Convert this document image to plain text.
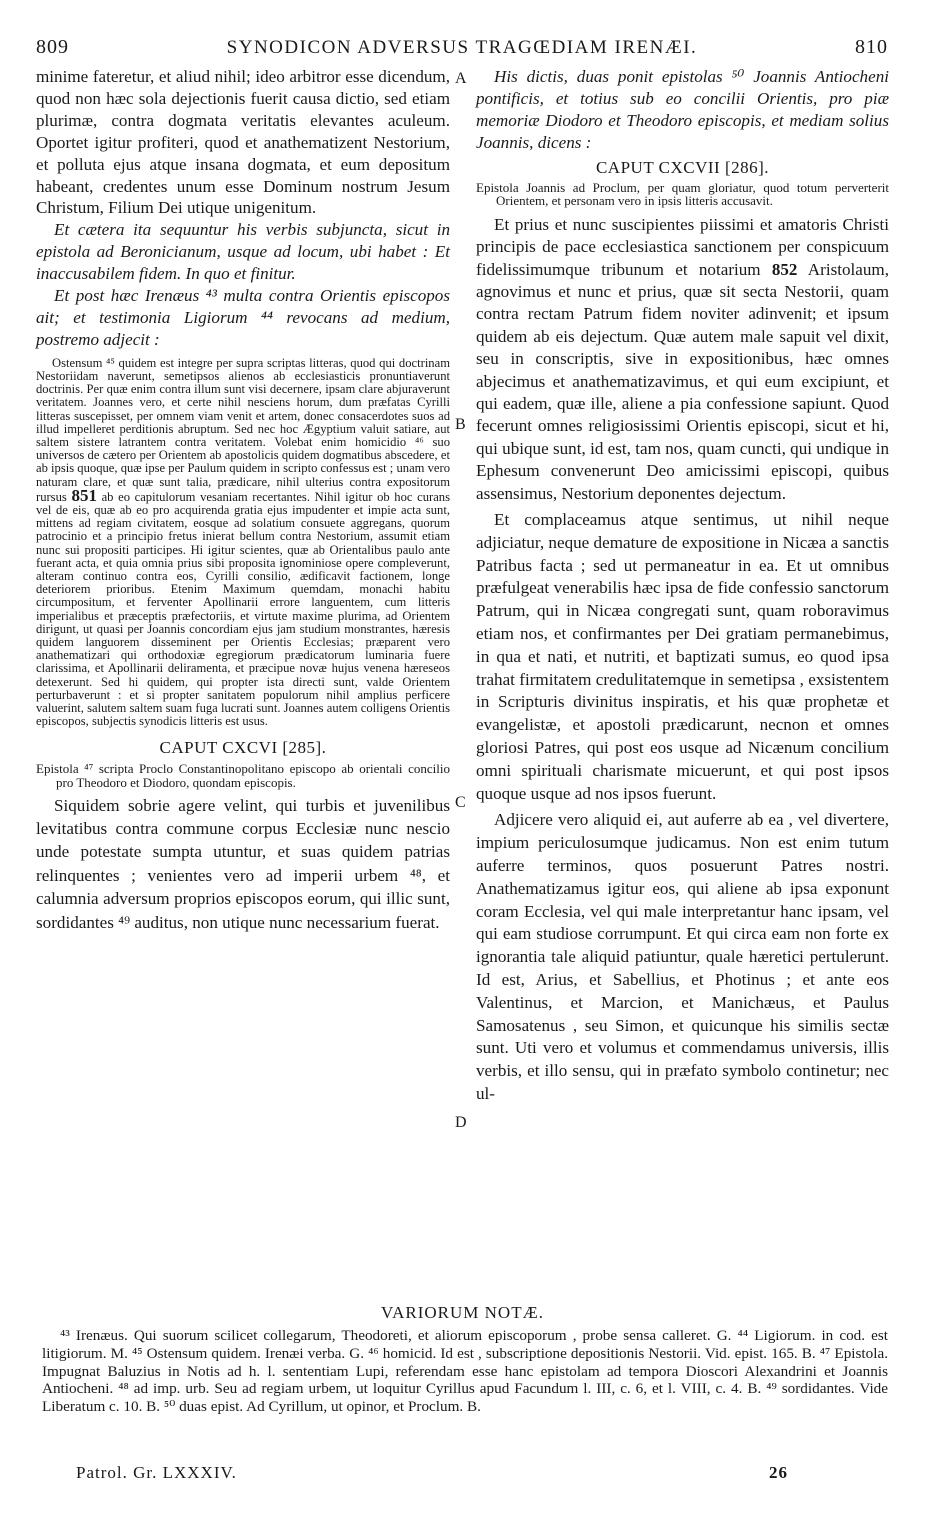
809	SYNODICON ADVERSUS TRAGŒDIAM IRENÆI.	810
A
B
C
D

minime fateretur, et aliud nihil; ideo arbitror esse dicendum, quod non hæc sola dejectionis fuerit causa dictio, sed etiam plurimæ, contra dogmata veritatis elevantes aculeum. Oportet igitur profiteri, quod et anathematizent Nestorium, et polluta ejus atque insana dogmata, et eum depositum habeant, credentes unum esse Dominum nostrum Jesum Christum, Filium Dei utique unigenitum.

Et cætera ita sequuntur his verbis subjuncta, sicut in epistola ad Beronicianum, usque ad locum, ubi habet : Et inaccusabilem fidem. In quo et finitur.

Et post hæc Irenæus ⁴³ multa contra Orientis episcopos ait; et testimonia Ligiorum ⁴⁴ revocans ad medium, postremo adjecit :

Ostensum ⁴⁵ quidem est integre per supra scriptas litteras, quod qui doctrinam Nestoriidam naverunt, semetipsos alienos ab ecclesiasticis pronuntiaverunt doctrinis. Per quæ enim contra illum sunt visi decernere, ipsam clare abjuraverunt veritatem. Joannes vero, et certe nihil nesciens horum, dum præfatas Cyrilli litteras suscepisset, per omnem viam venit et artem, donec consacerdotes suos ad illud impelleret perditionis abruptum. Sed nec hoc Ægyptium valuit satiare, aut saltem sistere latrantem contra veritatem. Volebat enim homicidio ⁴⁶ suo universos de cætero per Orientem ab apostolicis quidem dogmatibus abscedere, et ab ipsis quoque, quæ ipse per Paulum quidem in scripto confessus est ; unam vero naturam clare, et quæ sunt talia, prædicare, nihil ulterius contra expositorum rursus 851 ab eo capitulorum vesaniam recertantes. Nihil igitur ob hoc curans vel de eis, quæ ab eo pro acquirenda gratia ejus impudenter et impie acta sunt, mittens ad regiam civitatem, eosque ad solatium consuete aggregans, quorum patrocinio et a principio fretus inierat bellum contra Nestorium, assumit etiam nunc sui propositi participes. Hi igitur scientes, quæ ab Orientalibus paulo ante fuerant acta, et quia omnia prius sibi proposita ignominiose opere compleverunt, alteram continuo contra eos, Cyrilli consilio, ædificavit factionem, longe deteriorem prioribus. Etenim Maximum quemdam, monachi habitu circumpositum, et ferventer Apollinarii errore languentem, cum litteris imperialibus et præceptis præfectoriis, et virtute maxime plurima, ad Orientem dirigunt, ut quasi per Joannis concordiam ejus jam studium monstrantes, hæresis quidem languorem disseminent per Orientis Ecclesias; præparent vero anathematizari qui orthodoxiæ egregiorum prædicatorum luminaria fuere clarissima, et Apollinarii deliramenta, et præcipue novæ hujus venena hæreseos detexerunt. Sed hi quidem, qui propter ista directi sunt, valde Orientem perturbaverunt : et si propter sanitatem populorum nihil amplius perficere valuerint, salutem saltem suam fuga lucrati sunt. Joannes autem colligens Orientis episcopos, subjectis synodicis litteris est usus.

CAPUT CXCVI [285].

Epistola ⁴⁷ scripta Proclo Constantinopolitano episcopo ab orientali concilio pro Theodoro et Diodoro, quondam episcopis.

Siquidem sobrie agere velint, qui turbis et juvenilibus levitatibus contra commune corpus Ecclesiæ nunc nescio unde potestate sumpta utuntur, et suas quidem patrias relinquentes ; venientes vero ad imperii urbem ⁴⁸, et calumnia adversum proprios episcopos eorum, qui illic sunt, sordidantes ⁴⁹ auditus, non utique nunc necessarium fuerat.

His dictis, duas ponit epistolas ⁵⁰ Joannis Antiocheni pontificis, et totius sub eo concilii Orientis, pro piæ memoriæ Diodoro et Theodoro episcopis, et mediam solius Joannis, dicens :

CAPUT CXCVII [286].

Epistola Joannis ad Proclum, per quam gloriatur, quod totum perverterit Orientem, et personam vero in ipsis litteris accusavit.

Et prius et nunc suscipientes piissimi et amatoris Christi principis de pace ecclesiastica sanctionem per conspicuum fidelissimumque tribunum et notarium 852 Aristolaum, agnovimus et nunc et prius, quæ sit secta Nestorii, quam contra rectam Patrum fidem noviter adinvenit; et ipsum quidem ab eis dejectum. Quæ autem male sapuit vel dixit, seu in conscriptis, sive in expositionibus, hæc omnes abjecimus et anathematizavimus, et qui eum excipiunt, et qui eadem, quæ ille, aliene a pia confessione sapiunt. Quod fecerunt omnes religiosissimi Orientis episcopi, sicut et hi, qui ubique sunt, id est, tam nos, quam cuncti, qui undique in Ephesum convenerunt Deo amicissimi episcopi, quibus assensimus, Nestorium deponentes dejectum.

Et complaceamus atque sentimus, ut nihil neque adjiciatur, neque demature de expositione in Nicæa a sanctis Patribus facta ; sed ut permaneatur in ea. Et ut omnibus præfulgeat venerabilis hæc ipsa de fide confessio sanctorum Patrum, qui in Nicæa congregati sunt, quam roboravimus etiam nos, et confirmantes per Dei gratiam permanebimus, in qua et nati, et nutriti, et baptizati sumus, eo quod ipsa trahat firmitatem credulitatemque in semetipsa , exsistentem in Scripturis divinitus inspiratis, et his quæ prophetæ et evangelistæ, et apostoli prædicarunt, necnon et omnes gloriosi Patres, qui post eos usque ad Nicænum concilium omni spirituali charismate micuerunt, et qui post ipsos quoque usque ad nos ipsos fuerunt.

Adjicere vero aliquid ei, aut auferre ab ea , vel divertere, impium periculosumque judicamus. Non est enim tutum auferre terminos, quos posuerunt Patres nostri. Anathematizamus igitur eos, qui aliene ab ipsa exponunt coram Ecclesia, vel qui male interpretantur hanc ipsam, vel qui eam studiose corrumpunt. Et qui circa eam non forte ex ignorantia tale aliquid patiuntur, quale hæretici pertulerunt. Id est, Arius, et Sabellius, et Photinus ; et ante eos Valentinus, et Marcion, et Manichæus, et Paulus Samosatenus , seu Simon, et quicunque his similis sectæ sunt. Uti vero et volumus et commendamus universis, illis verbis, et illo sensu, qui in præfato symbolo continetur; nec ul-

VARIORUM NOTÆ.

⁴³ Irenæus. Qui suorum scilicet collegarum, Theodoreti, et aliorum episcoporum , probe sensa calleret. G. ⁴⁴ Ligiorum. in cod. est litigiorum. M. ⁴⁵ Ostensum quidem. Irenæi verba. G. ⁴⁶ homicid. Id est , subscriptione depositionis Nestorii. Vid. epist. 165. B. ⁴⁷ Epistola. Impugnat Baluzius in Notis ad h. l. sententiam Lupi, referendam esse hanc epistolam ad tempora Dioscori Alexandrini et Joannis Antiocheni. ⁴⁸ ad imp. urb. Seu ad regiam urbem, ut loquitur Cyrillus apud Facundum l. III, c. 6, et l. VIII, c. 4. B. ⁴⁹ sordidantes. Vide Liberatum c. 10. B. ⁵⁰ duas epist. Ad Cyrillum, ut opinor, et Proclum. B.

Patrol. Gr. LXXXIV.	26
